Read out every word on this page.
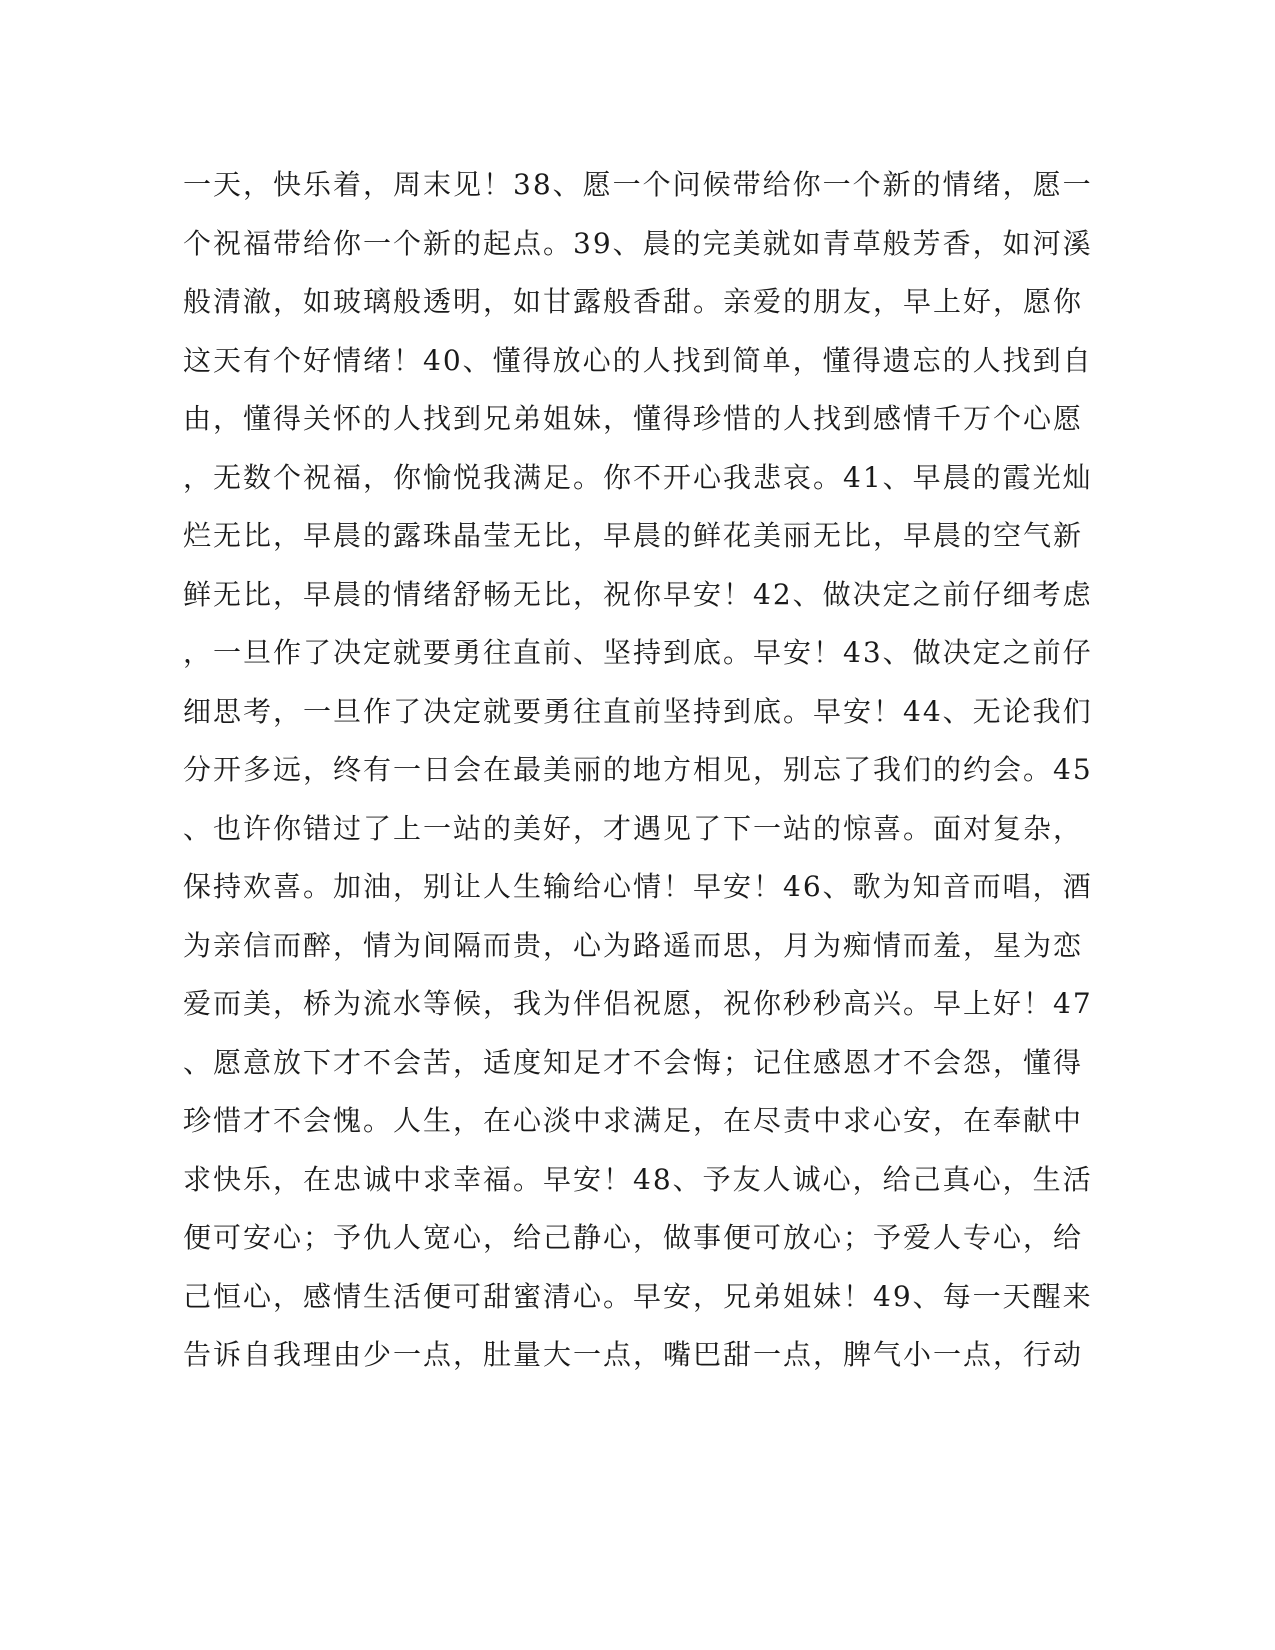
一天，快乐着，周末见！38、愿一个问候带给你一个新的情绪，愿一
个祝福带给你一个新的起点。39、晨的完美就如青草般芳香，如河溪
般清澈，如玻璃般透明，如甘露般香甜。亲爱的朋友，早上好，愿你
这天有个好情绪！40、懂得放心的人找到简单，懂得遗忘的人找到自
由，懂得关怀的人找到兄弟姐妹，懂得珍惜的人找到感情千万个心愿
，无数个祝福，你愉悦我满足。你不开心我悲哀。41、早晨的霞光灿
烂无比，早晨的露珠晶莹无比，早晨的鲜花美丽无比，早晨的空气新
鲜无比，早晨的情绪舒畅无比，祝你早安！42、做决定之前仔细考虑
，一旦作了决定就要勇往直前、坚持到底。早安！43、做决定之前仔
细思考，一旦作了决定就要勇往直前坚持到底。早安！44、无论我们
分开多远，终有一日会在最美丽的地方相见，别忘了我们的约会。45
、也许你错过了上一站的美好，才遇见了下一站的惊喜。面对复杂，
保持欢喜。加油，别让人生输给心情！早安！46、歌为知音而唱，酒
为亲信而醉，情为间隔而贵，心为路遥而思，月为痴情而羞，星为恋
爱而美，桥为流水等候，我为伴侣祝愿，祝你秒秒高兴。早上好！47
、愿意放下才不会苦，适度知足才不会悔；记住感恩才不会怨，懂得
珍惜才不会愧。人生，在心淡中求满足，在尽责中求心安，在奉献中
求快乐，在忠诚中求幸福。早安！48、予友人诚心，给己真心，生活
便可安心；予仇人宽心，给己静心，做事便可放心；予爱人专心，给
己恒心，感情生活便可甜蜜清心。早安，兄弟姐妹！49、每一天醒来
告诉自我理由少一点，肚量大一点，嘴巴甜一点，脾气小一点，行动
